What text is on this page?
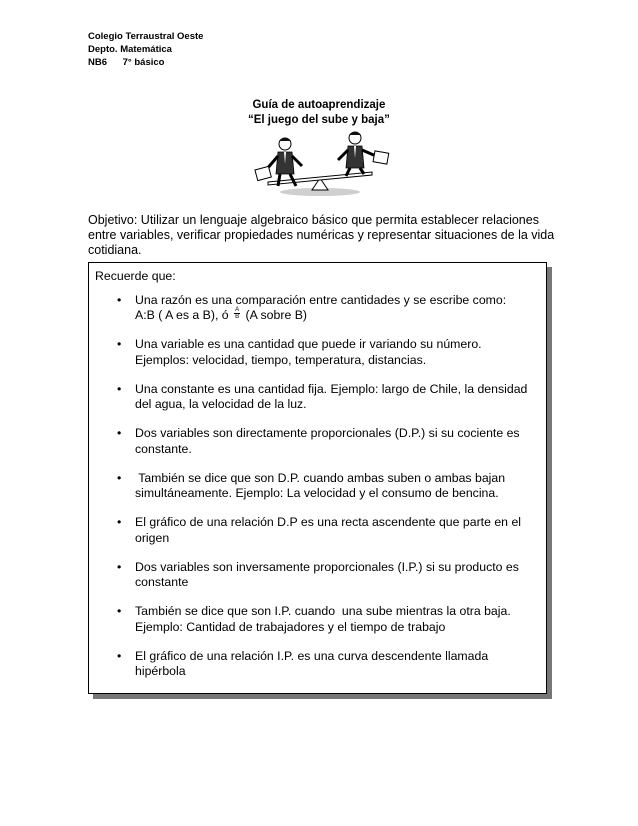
Colegio Terraustral Oeste
Depto. Matemática
NB6 7° básico
Guía de autoaprendizaje
“El juego del sube y baja”
Objetivo: Utilizar un lenguaje algebraico básico que permita establecer relaciones entre variables, verificar propiedades numéricas y representar situaciones de la vida cotidiana.
Recuerde que:
• Una razón es una comparación entre cantidades y se escribe como:
A:B ( A es a B), ó $\frac{A}{B} (A$ sobre B)
• Una variable es una cantidad que puede ir variando su número.
Ejemplos: velocidad, tiempo, temperatura, distancias.
• Una constante es una cantidad fija. Ejemplo: largo de Chile, la densidad
del agua, la velocidad de la luz.
• Dos variables son directamente proporcionales (D.P.) si su cociente es
constante.
• También se dice que son D.P. cuando ambas suben o ambas bajan
simultáneamente. Ejemplo: La velocidad y el consumo de bencina.
• El gráfico de una relación D.P es una recta ascendente que parte en el
origen
• Dos variables son inversamente proporcionales (I.P.) si su producto es
constante
• También se dice que son I.P. cuando  una sube mientras la otra baja.
Ejemplo: Cantidad de trabajadores y el tiempo de trabajo
• El gráfico de una relación I.P. es una curva descendente llamada
hipérbola
